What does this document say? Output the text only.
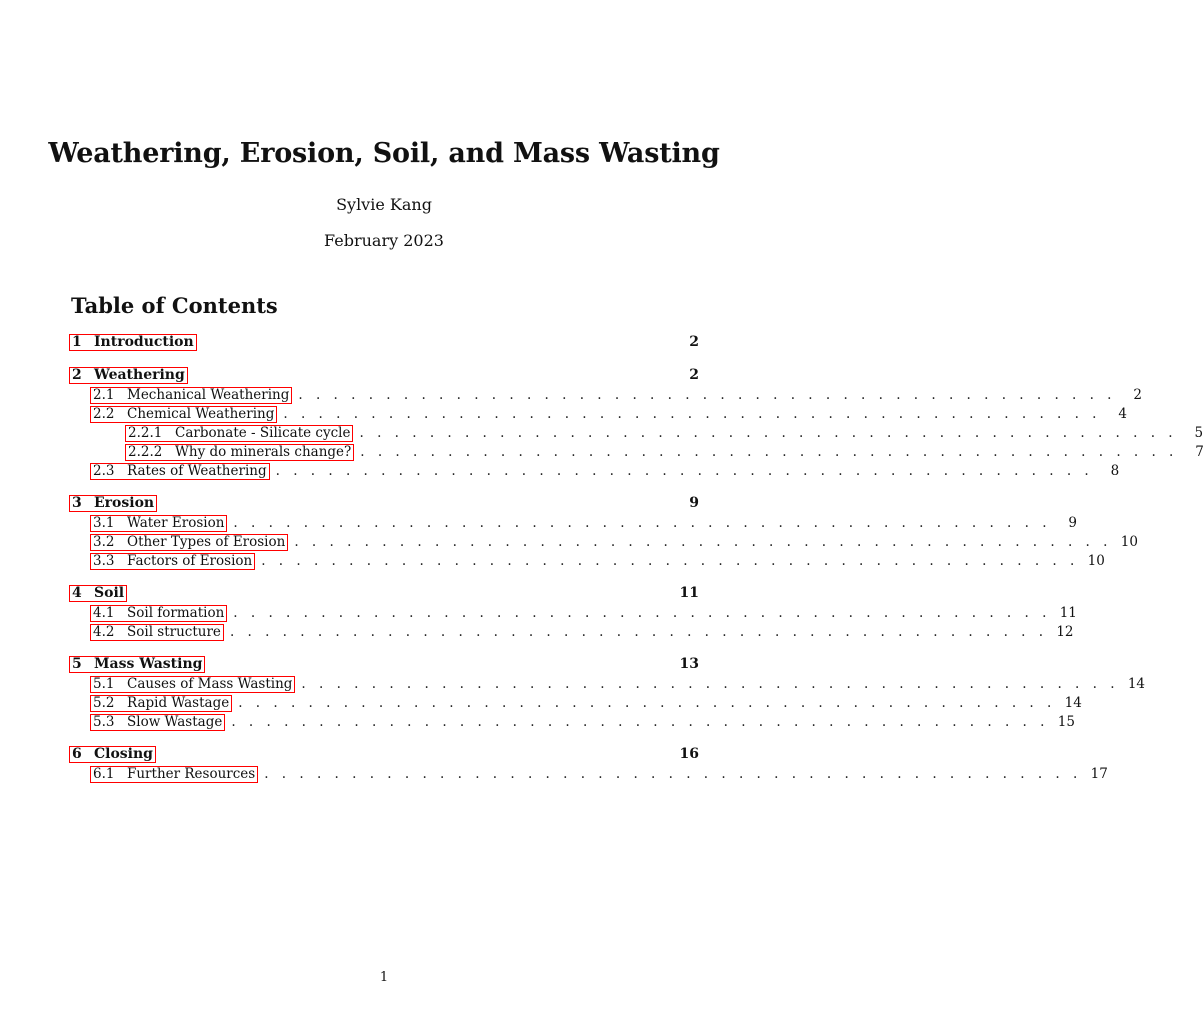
Weathering, Erosion, Soil, and Mass Wasting
Sylvie Kang
February 2023
Table of Contents
1 Introduction	2
2 Weathering	2
2.1 Mechanical Weathering . . . . . . . . . . . . . . . . . . . . . . . . . . . . . . . . . . . . . . . . . . . . . . .	2
2.2 Chemical Weathering . . . . . . . . . . . . . . . . . . . . . . . . . . . . . . . . . . . . . . . . . . . . . . .	4
2.2.1 Carbonate - Silicate cycle . . . . . . . . . . . . . . . . . . . . . . . . . . . . . . . . . . . . . . . . . . . . . . .	5
2.2.2 Why do minerals change? . . . . . . . . . . . . . . . . . . . . . . . . . . . . . . . . . . . . . . . . . . . . . . .	7
2.3 Rates of Weathering . . . . . . . . . . . . . . . . . . . . . . . . . . . . . . . . . . . . . . . . . . . . . . .	8
3 Erosion	9
3.1 Water Erosion . . . . . . . . . . . . . . . . . . . . . . . . . . . . . . . . . . . . . . . . . . . . . . .	9
3.2 Other Types of Erosion . . . . . . . . . . . . . . . . . . . . . . . . . . . . . . . . . . . . . . . . . . . . . . . 10
3.3 Factors of Erosion . . . . . . . . . . . . . . . . . . . . . . . . . . . . . . . . . . . . . . . . . . . . . . . 10
4 Soil	11
4.1 Soil formation . . . . . . . . . . . . . . . . . . . . . . . . . . . . . . . . . . . . . . . . . . . . . . . 11
4.2 Soil structure . . . . . . . . . . . . . . . . . . . . . . . . . . . . . . . . . . . . . . . . . . . . . . . 12
5 Mass Wasting	13
5.1 Causes of Mass Wasting . . . . . . . . . . . . . . . . . . . . . . . . . . . . . . . . . . . . . . . . . . . . . . . 14
5.2 Rapid Wastage . . . . . . . . . . . . . . . . . . . . . . . . . . . . . . . . . . . . . . . . . . . . . . . 14
5.3 Slow Wastage . . . . . . . . . . . . . . . . . . . . . . . . . . . . . . . . . . . . . . . . . . . . . . . 15
6 Closing	16
6.1 Further Resources . . . . . . . . . . . . . . . . . . . . . . . . . . . . . . . . . . . . . . . . . . . . . . . 17
1
